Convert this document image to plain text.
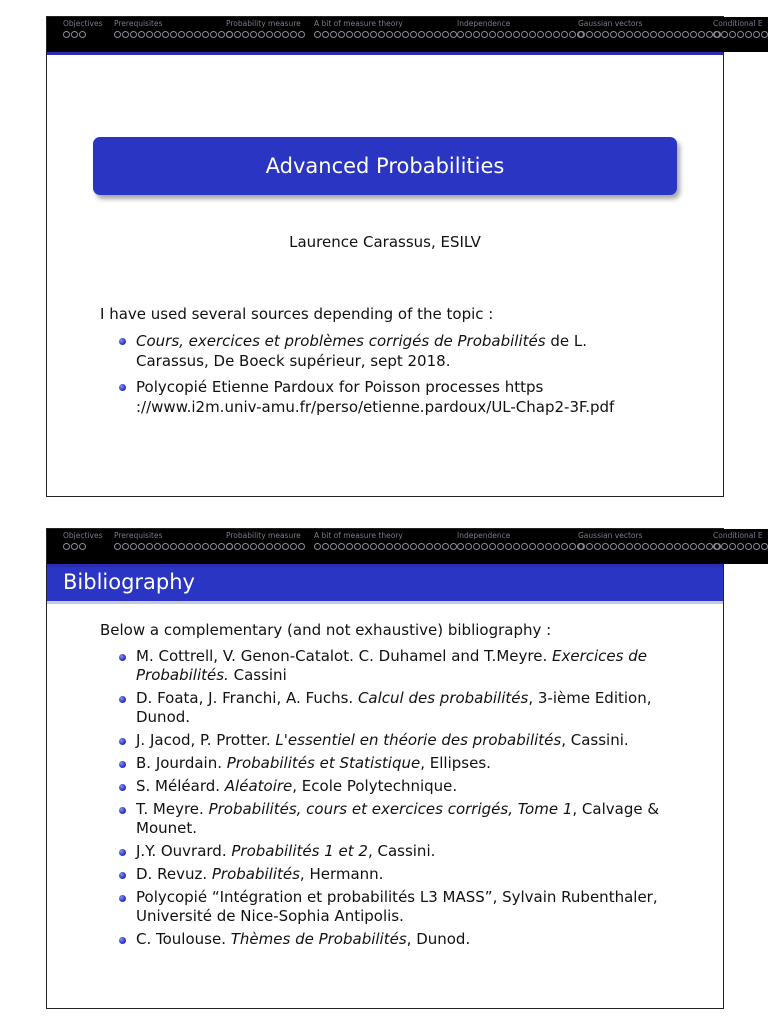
Objectives Prerequisites	Probability measure A bit of measure theory	Independence	Gaussian vectors	Conditional E
Advanced Probabilities
Laurence Carassus, ESILV
I have used several sources depending of the topic :
Cours, exercices et problèmes corrigés de Probabilités de L. Carassus, De Boeck supérieur, sept 2018.
Polycopié Etienne Pardoux for Poisson processes https ://www.i2m.univ-amu.fr/perso/etienne.pardoux/UL-Chap2-3F.pdf
Objectives Prerequisites	Probability measure A bit of measure theory	Independence	Gaussian vectors	Conditional E
Bibliography
Below a complementary (and not exhaustive) bibliography :
M. Cottrell, V. Genon-Catalot. C. Duhamel and T.Meyre. Exercices de Probabilités. Cassini
D. Foata, J. Franchi, A. Fuchs. Calcul des probabilités, 3-ième Edition, Dunod.
J. Jacod, P. Protter. L'essentiel en théorie des probabilités, Cassini.
B. Jourdain. Probabilités et Statistique, Ellipses.
S. Méléard. Aléatoire, Ecole Polytechnique.
T. Meyre. Probabilités, cours et exercices corrigés, Tome 1, Calvage & Mounet.
J.Y. Ouvrard. Probabilités 1 et 2, Cassini.
D. Revuz. Probabilités, Hermann.
Polycopié “Intégration et probabilités L3 MASS”, Sylvain Rubenthaler, Université de Nice-Sophia Antipolis.
C. Toulouse. Thèmes de Probabilités, Dunod.
